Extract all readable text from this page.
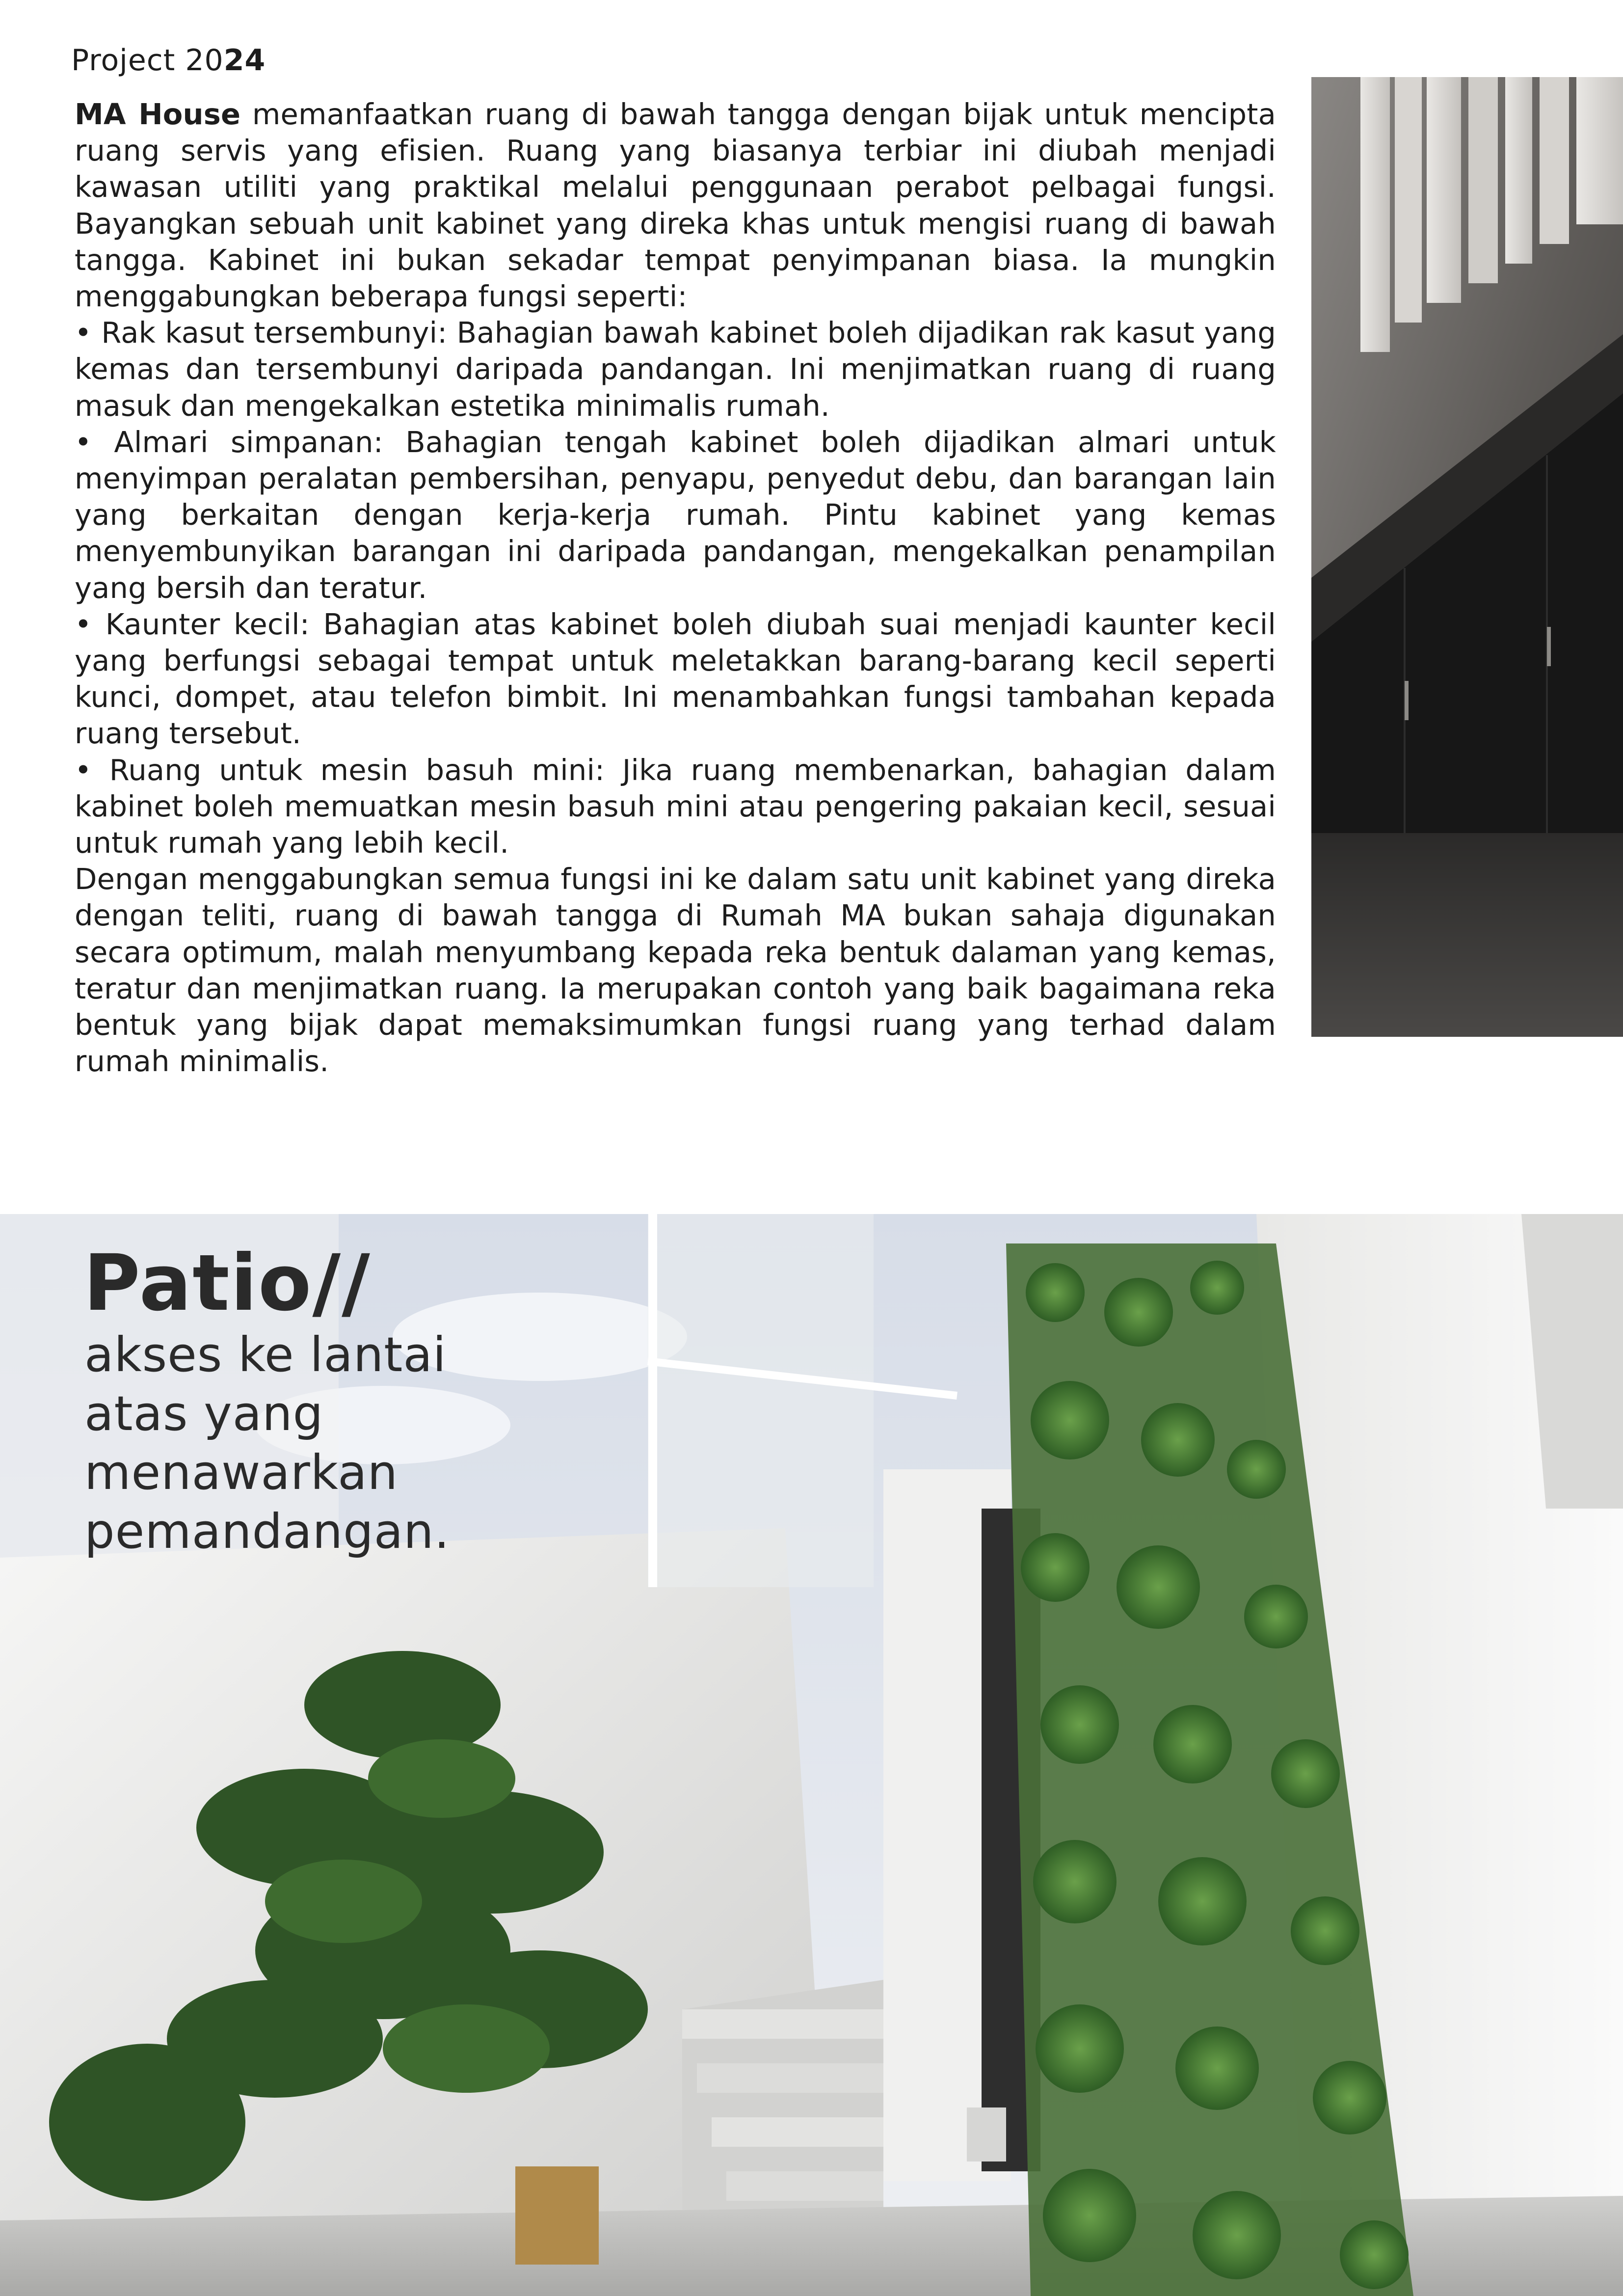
Project 2024

MA House memanfaatkan ruang di bawah tangga dengan bijak untuk mencipta ruang servis yang efisien. Ruang yang biasanya terbiar ini diubah menjadi kawasan utiliti yang praktikal melalui penggunaan perabot pelbagai fungsi. Bayangkan sebuah unit kabinet yang direka khas untuk mengisi ruang di bawah tangga. Kabinet ini bukan sekadar tempat penyimpanan biasa. Ia mungkin menggabungkan beberapa fungsi seperti:

• Rak kasut tersembunyi: Bahagian bawah kabinet boleh dijadikan rak kasut yang kemas dan tersembunyi daripada pandangan. Ini menjimatkan ruang di ruang masuk dan mengekalkan estetika minimalis rumah.

• Almari simpanan: Bahagian tengah kabinet boleh dijadikan almari untuk menyimpan peralatan pembersihan, penyapu, penyedut debu, dan barangan lain yang berkaitan dengan kerja-kerja rumah. Pintu kabinet yang kemas menyembunyikan barangan ini daripada pandangan, mengekalkan penampilan yang bersih dan teratur.

• Kaunter kecil: Bahagian atas kabinet boleh diubah suai menjadi kaunter kecil yang berfungsi sebagai tempat untuk meletakkan barang-barang kecil seperti kunci, dompet, atau telefon bimbit. Ini menambahkan fungsi tambahan kepada ruang tersebut.

• Ruang untuk mesin basuh mini: Jika ruang membenarkan, bahagian dalam kabinet boleh memuatkan mesin basuh mini atau pengering pakaian kecil, sesuai untuk rumah yang lebih kecil.

Dengan menggabungkan semua fungsi ini ke dalam satu unit kabinet yang direka dengan teliti, ruang di bawah tangga di Rumah MA bukan sahaja digunakan secara optimum, malah menyumbang kepada reka bentuk dalaman yang kemas, teratur dan menjimatkan ruang. Ia merupakan contoh yang baik bagaimana reka bentuk yang bijak dapat memaksimumkan fungsi ruang yang terhad dalam rumah minimalis.

Patio//
akses ke lantai
atas yang
menawarkan
pemandangan.
